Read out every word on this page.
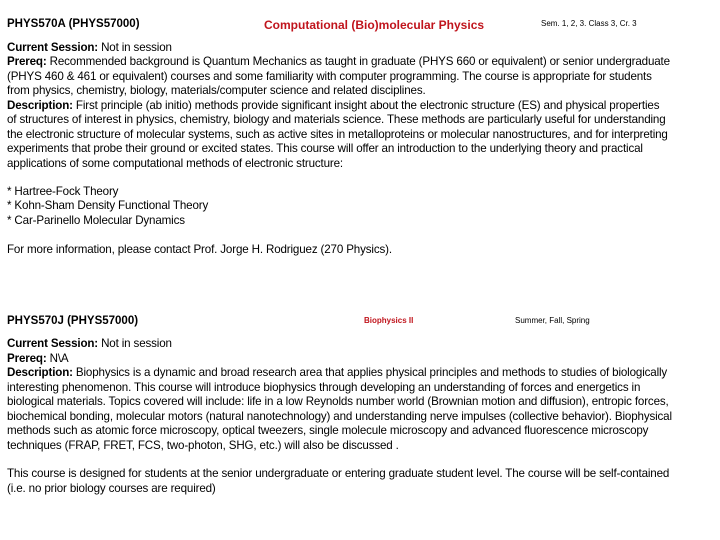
PHYS570A (PHYS57000)	Computational (Bio)molecular Physics	Sem. 1, 2, 3. Class 3, Cr. 3
Current Session: Not in session
Prereq: Recommended background is Quantum Mechanics as taught in graduate (PHYS 660 or equivalent) or senior undergraduate
(PHYS 460 & 461 or equivalent) courses and some familiarity with computer programming. The course is appropriate for students
from physics, chemistry, biology, materials/computer science and related disciplines.
Description: First principle (ab initio) methods provide significant insight about the electronic structure (ES) and physical properties
of structures of interest in physics, chemistry, biology and materials science. These methods are particularly useful for understanding
the electronic structure of molecular systems, such as active sites in metalloproteins or molecular nanostructures, and for interpreting
experiments that probe their ground or excited states. This course will offer an introduction to the underlying theory and practical
applications of some computational methods of electronic structure:
* Hartree-Fock Theory
* Kohn-Sham Density Functional Theory
* Car-Parinello Molecular Dynamics
For more information, please contact Prof. Jorge H. Rodriguez (270 Physics).
PHYS570J (PHYS57000)	Biophysics II	Summer, Fall, Spring
Current Session: Not in session
Prereq: N\A
Description: Biophysics is a dynamic and broad research area that applies physical principles and methods to studies of biologically
interesting phenomenon. This course will introduce biophysics through developing an understanding of forces and energetics in
biological materials. Topics covered will include: life in a low Reynolds number world (Brownian motion and diffusion), entropic forces,
biochemical bonding, molecular motors (natural nanotechnology) and understanding nerve impulses (collective behavior). Biophysical
methods such as atomic force microscopy, optical tweezers, single molecule microscopy and advanced fluorescence microscopy
techniques (FRAP, FRET, FCS, two-photon, SHG, etc.) will also be discussed .
This course is designed for students at the senior undergraduate or entering graduate student level. The course will be self-contained
(i.e. no prior biology courses are required)
